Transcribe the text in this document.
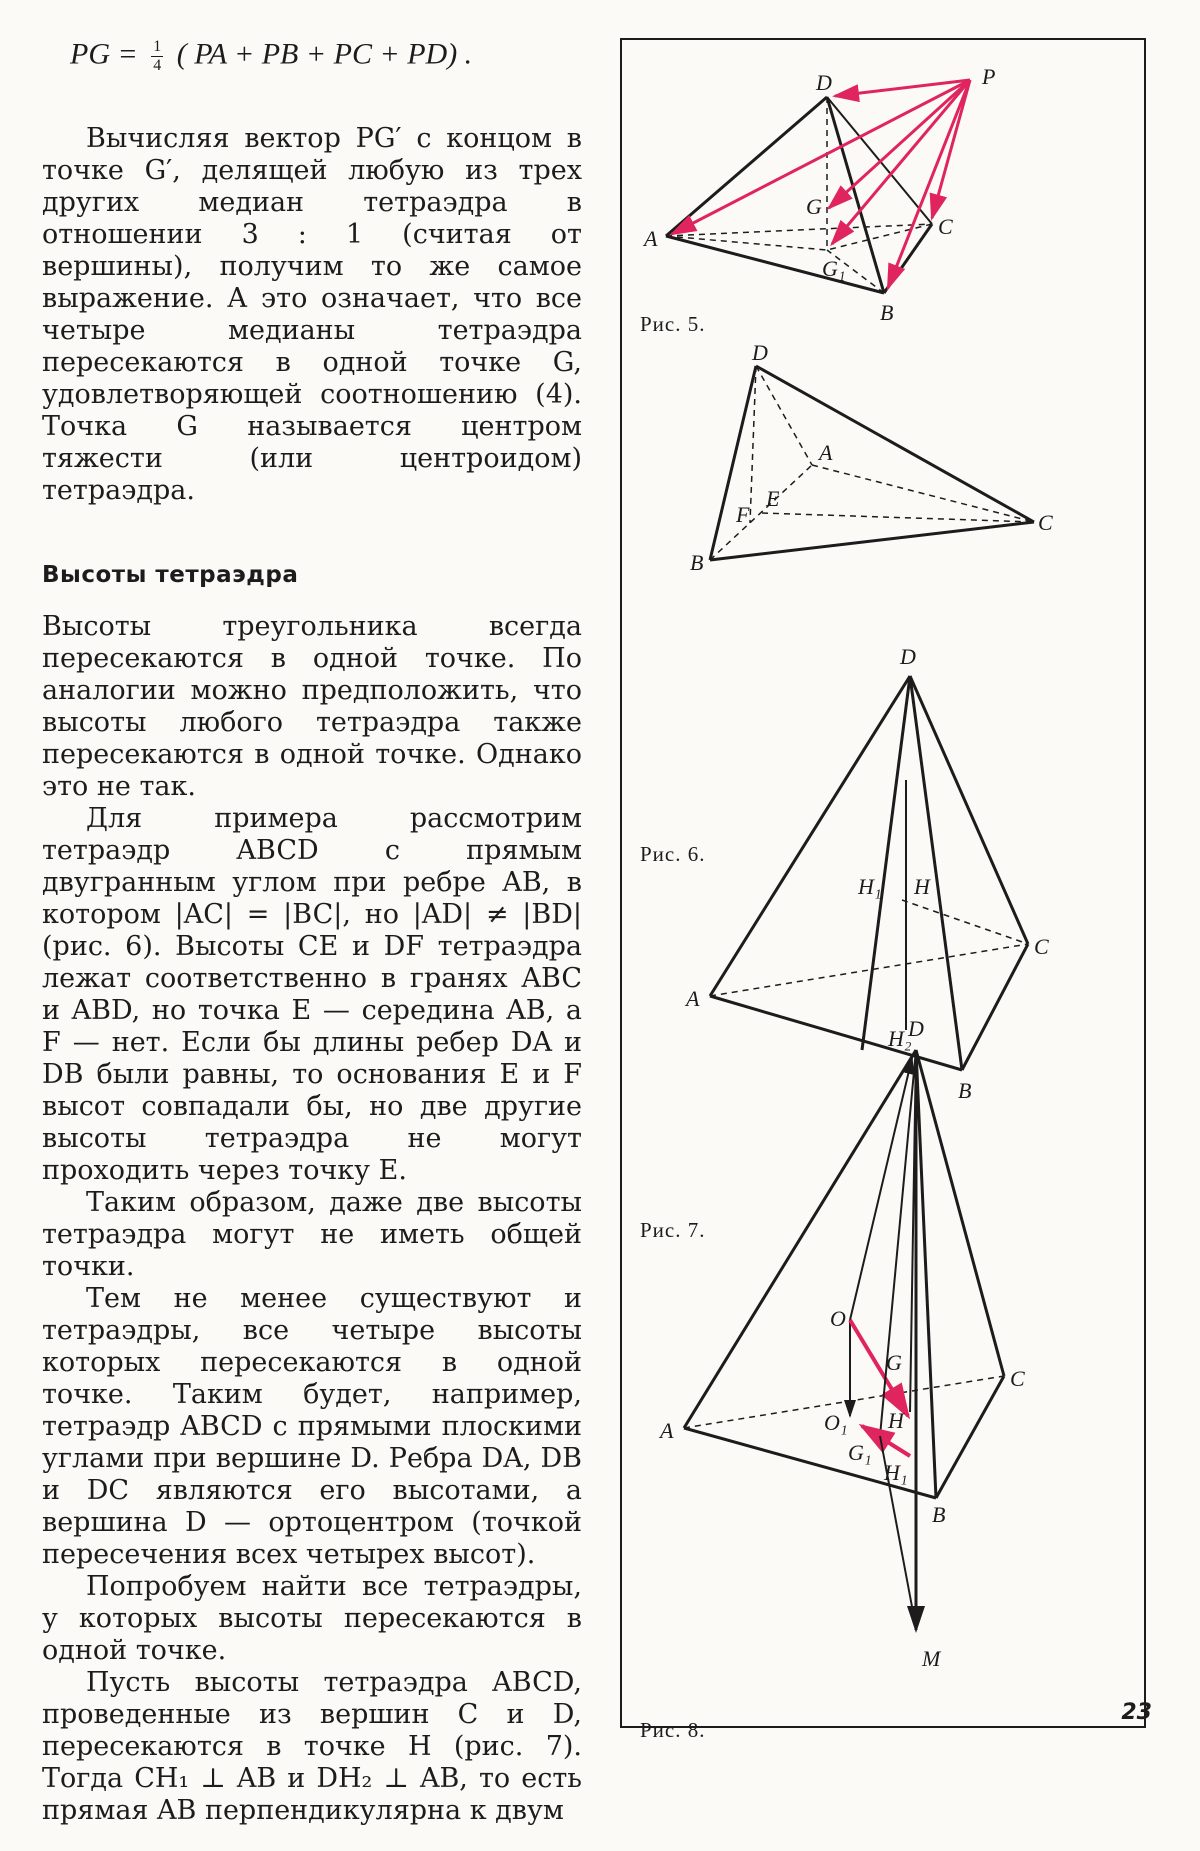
PG = $\frac{1}{4}$ ( PA + PB + PC + PD) .

Вычисляя вектор PG′ с концом в точке G′, делящей любую из трех других медиан тетраэдра в отношении 3 : 1 (считая от вершины), получим то же самое выражение. А это означает, что все четыре медианы тетраэдра пересекаются в одной точке G, удовлетворяющей соотношению (4). Точка G называется центром тяжести (или центроидом) тетраэдра.

Высоты тетраэдра

Высоты треугольника всегда пересекаются в одной точке. По аналогии можно предположить, что высоты любого тетраэдра также пересекаются в одной точке. Однако это не так.

Для примера рассмотрим тетраэдр ABCD с прямым двугранным углом при ребре AB, в котором |AC| = |BC|, но |AD| ≠ |BD| (рис. 6). Высоты CE и DF тетраэдра лежат соответственно в гранях ABC и ABD, но точка E — середина AB, а F — нет. Если бы длины ребер DA и DB были равны, то основания E и F высот совпадали бы, но две другие высоты тетраэдра не могут проходить через точку E.

Таким образом, даже две высоты тетраэдра могут не иметь общей точки.

Тем не менее существуют и тетраэдры, все четыре высоты которых пересекаются в одной точке. Таким будет, например, тетраэдр ABCD с прямыми плоскими углами при вершине D. Ребра DA, DB и DC являются его высотами, а вершина D — ортоцентром (точкой пересечения всех четырех высот).

Попробуем найти все тетраэдры, у которых высоты пересекаются в одной точке.

Пусть высоты тетраэдра ABCD, проведенные из вершин C и D, пересекаются в точке H (рис. 7). Тогда CH₁ ⊥ AB и DH₂ ⊥ AB, то есть прямая AB перпендикулярна к двум

D	P
G
C
A
G₁
B
D
A
E
F	C
B
D
H₁ H
C
A
H₂
B
D
C
O
G
A	O₁ H
G₁
H₁
B
M
Рис. 5.
Рис. 6.
Рис. 7.
Рис. 8.
23
